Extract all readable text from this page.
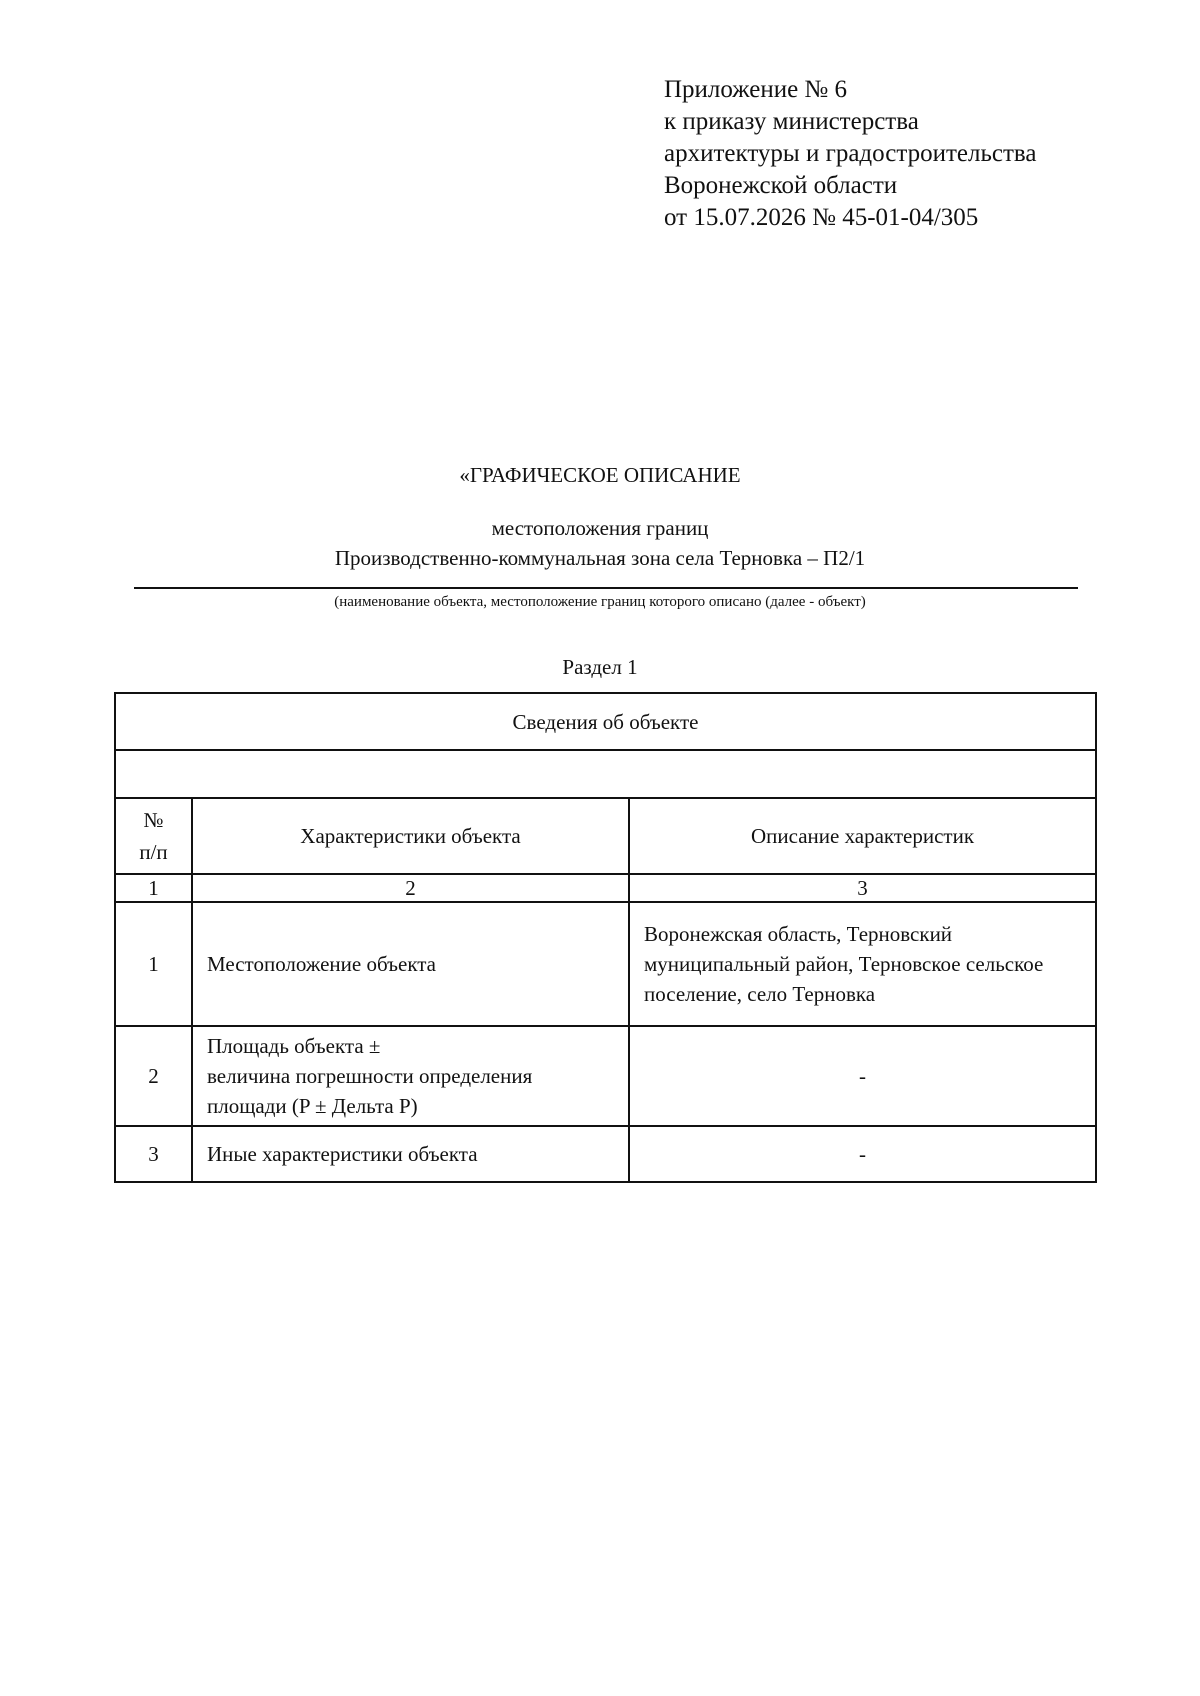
Приложение № 6
к приказу министерства
архитектуры и градостроительства
Воронежской области
от 15.07.2026 № 45-01-04/305
«ГРАФИЧЕСКОЕ ОПИСАНИЕ
местоположения границ
Производственно-коммунальная зона села Терновка – П2/1
(наименование объекта, местоположение границ которого описано (далее - объект)
Раздел 1
Сведения об объекте		

№
п/п	Характеристики объекта	Описание характеристик
1	2	3
1	Местоположение объекта	Воронежская область, Терновский муниципальный район, Терновское сельское поселение, село Терновка
2	Площадь объекта ±
величина погрешности определения
площади (P ± Дельта P)	-
3	Иные характеристики объекта	-
